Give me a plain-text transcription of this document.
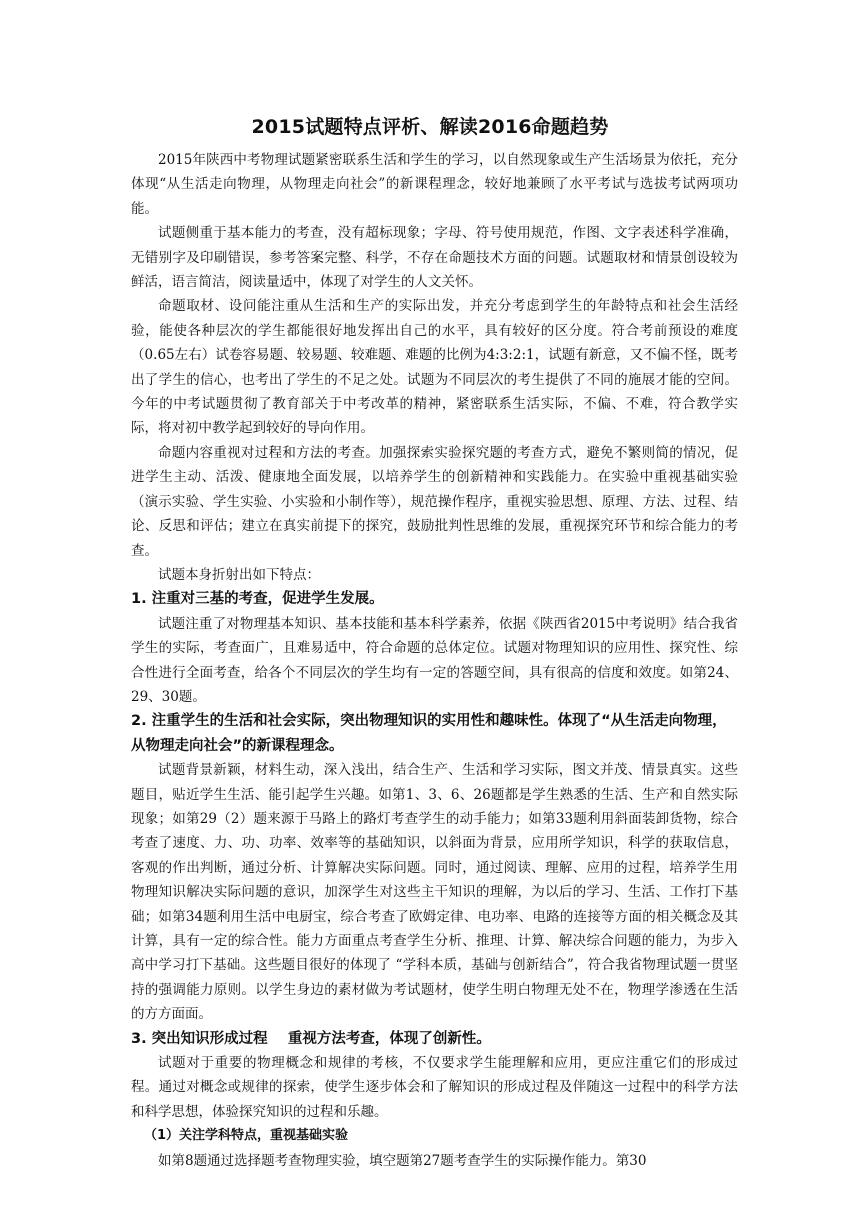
2015试题特点评析、解读2016命题趋势

2015年陕西中考物理试题紧密联系生活和学生的学习，以自然现象或生产生活场景为依托，充分体现“从生活走向物理，从物理走向社会”的新课程理念，较好地兼顾了水平考试与选拔考试两项功能。

试题侧重于基本能力的考查，没有超标现象；字母、符号使用规范，作图、文字表述科学准确，无错别字及印刷错误，参考答案完整、科学，不存在命题技术方面的问题。试题取材和情景创设较为鲜活，语言简洁，阅读量适中，体现了对学生的人文关怀。

命题取材、设问能注重从生活和生产的实际出发，并充分考虑到学生的年龄特点和社会生活经验，能使各种层次的学生都能很好地发挥出自己的水平，具有较好的区分度。符合考前预设的难度（0.65左右）试卷容易题、较易题、较难题、难题的比例为4:3:2:1，试题有新意，又不偏不怪，既考出了学生的信心，也考出了学生的不足之处。试题为不同层次的考生提供了不同的施展才能的空间。今年的中考试题贯彻了教育部关于中考改革的精神，紧密联系生活实际，不偏、不难，符合教学实际，将对初中教学起到较好的导向作用。

命题内容重视对过程和方法的考查。加强探索实验探究题的考查方式，避免不繁则简的情况，促进学生主动、活泼、健康地全面发展，以培养学生的创新精神和实践能力。在实验中重视基础实验（演示实验、学生实验、小实验和小制作等），规范操作程序，重视实验思想、原理、方法、过程、结论、反思和评估；建立在真实前提下的探究，鼓励批判性思维的发展，重视探究环节和综合能力的考查。

试题本身折射出如下特点：

1. 注重对三基的考查，促进学生发展。

试题注重了对物理基本知识、基本技能和基本科学素养，依据《陕西省2015中考说明》结合我省学生的实际，考查面广，且难易适中，符合命题的总体定位。试题对物理知识的应用性、探究性、综合性进行全面考查，给各个不同层次的学生均有一定的答题空间，具有很高的信度和效度。如第24、29、30题。

2. 注重学生的生活和社会实际，突出物理知识的实用性和趣味性。体现了“从生活走向物理，从物理走向社会”的新课程理念。

试题背景新颖，材料生动，深入浅出，结合生产、生活和学习实际，图文并茂、情景真实。这些题目，贴近学生生活、能引起学生兴趣。如第1、3、6、26题都是学生熟悉的生活、生产和自然实际现象；如第29（2）题来源于马路上的路灯考查学生的动手能力；如第33题利用斜面装卸货物，综合考查了速度、力、功、功率、效率等的基础知识，以斜面为背景，应用所学知识，科学的获取信息，客观的作出判断，通过分析、计算解决实际问题。同时，通过阅读、理解、应用的过程，培养学生用物理知识解决实际问题的意识，加深学生对这些主干知识的理解，为以后的学习、生活、工作打下基础；如第34题利用生活中电厨宝，综合考查了欧姆定律、电功率、电路的连接等方面的相关概念及其计算，具有一定的综合性。能力方面重点考查学生分析、推理、计算、解决综合问题的能力，为步入高中学习打下基础。这些题目很好的体现了 “学科本质，基础与创新结合”，符合我省物理试题一贯坚持的强调能力原则。以学生身边的素材做为考试题材，使学生明白物理无处不在，物理学渗透在生活的方方面面。

3. 突出知识形成过程    重视方法考查，体现了创新性。

试题对于重要的物理概念和规律的考核，不仅要求学生能理解和应用，更应注重它们的形成过程。通过对概念或规律的探索，使学生逐步体会和了解知识的形成过程及伴随这一过程中的科学方法和科学思想，体验探究知识的过程和乐趣。

（1）关注学科特点，重视基础实验

如第8题通过选择题考查物理实验，填空题第27题考查学生的实际操作能力。第30
